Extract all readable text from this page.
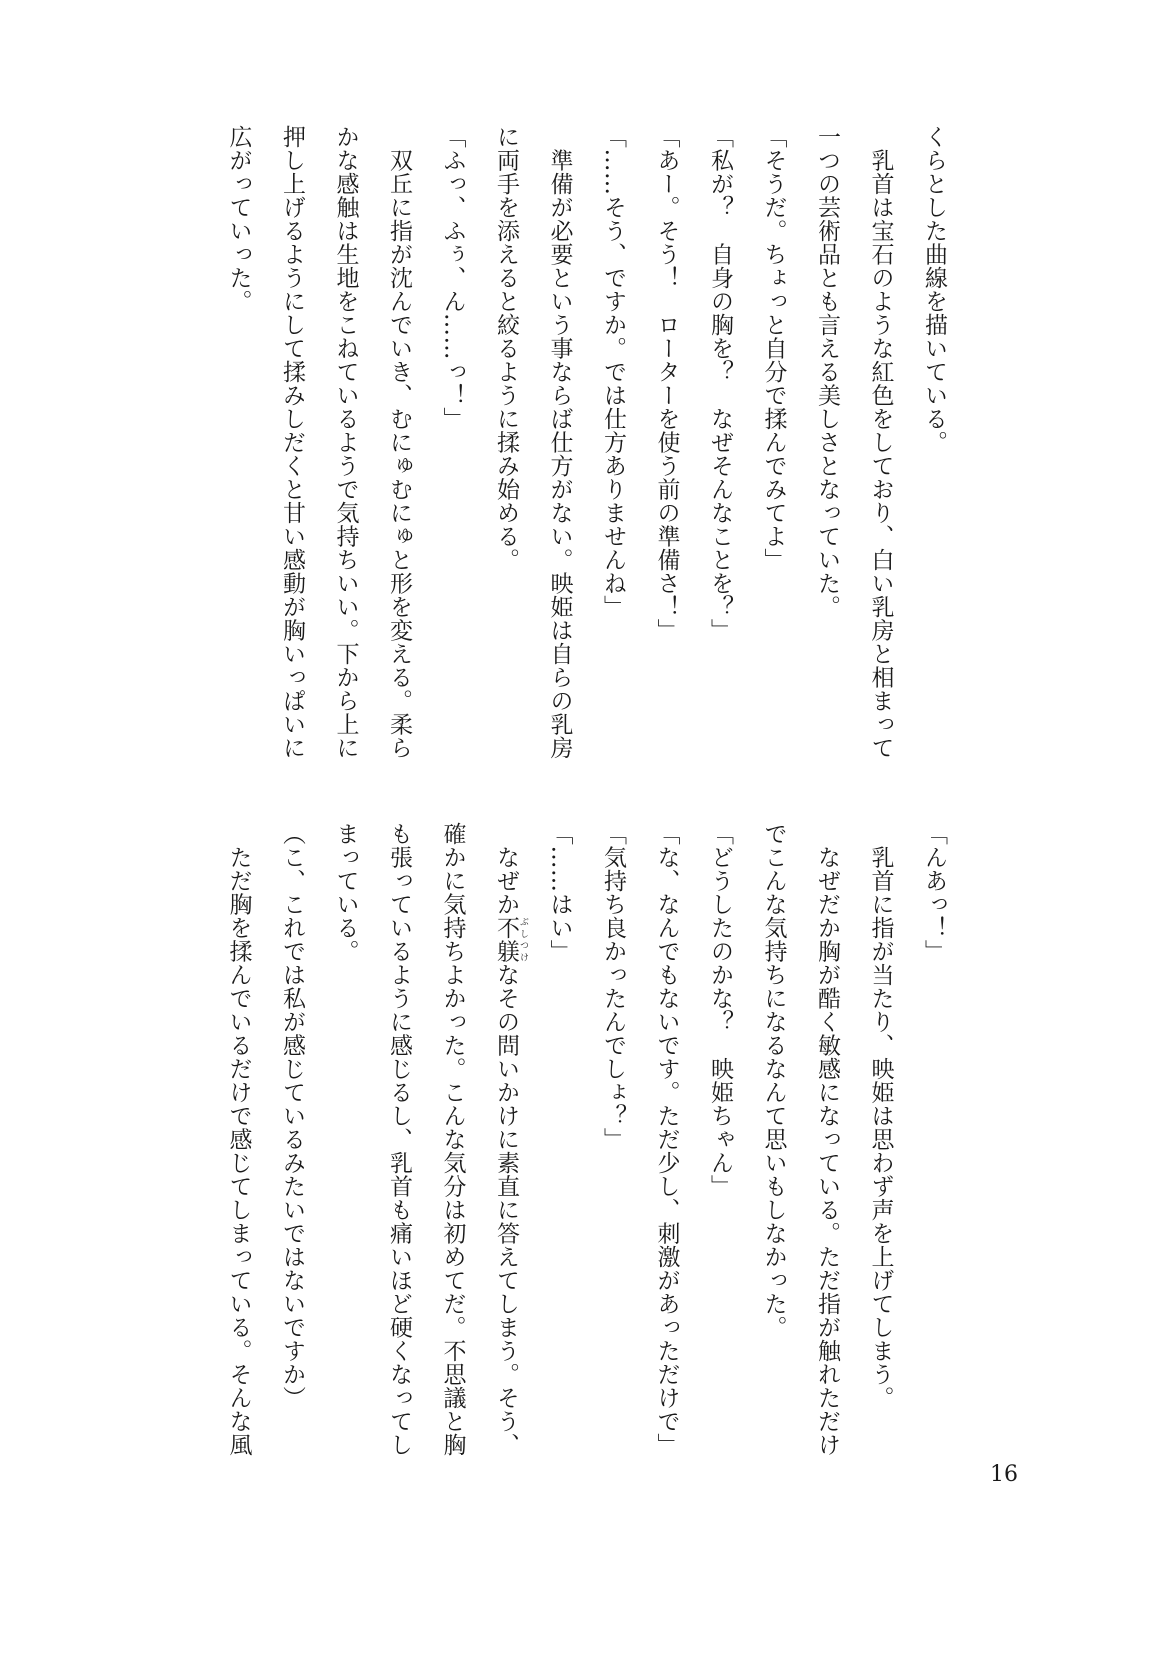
くらとした曲線を描いている。

　乳首は宝石のような紅色をしており、白い乳房と相まって

一つの芸術品とも言える美しさとなっていた。

「そうだ。ちょっと自分で揉んでみてよ」

「私が？　自身の胸を？　なぜそんなことを？」

「あー。そう！　ローターを使う前の準備さ！」

「……そう、ですか。では仕方ありませんね」

　準備が必要という事ならば仕方がない。映姫は自らの乳房

に両手を添えると絞るように揉み始める。

「ふっ、ふぅ、ん……っ！」

　双丘に指が沈んでいき、むにゅむにゅと形を変える。柔ら

かな感触は生地をこねているようで気持ちいい。下から上に

押し上げるようにして揉みしだくと甘い感動が胸いっぱいに

広がっていった。

「んあっ！」

　乳首に指が当たり、映姫は思わず声を上げてしまう。

　なぜだか胸が酷く敏感になっている。ただ指が触れただけ

でこんな気持ちになるなんて思いもしなかった。

「どうしたのかな？　映姫ちゃん」

「な、なんでもないです。ただ少し、刺激があっただけで」

「気持ち良かったんでしょ？」

「……はい」

　なぜか不躾 ぶしつけなその問いかけに素直に答えてしまう。そう、

確かに気持ちよかった。こんな気分は初めてだ。不思議と胸

も張っているように感じるし、乳首も痛いほど硬くなってし

まっている。

（こ、これでは私が感じているみたいではないですか）

　ただ胸を揉んでいるだけで感じてしまっている。そんな風

16
